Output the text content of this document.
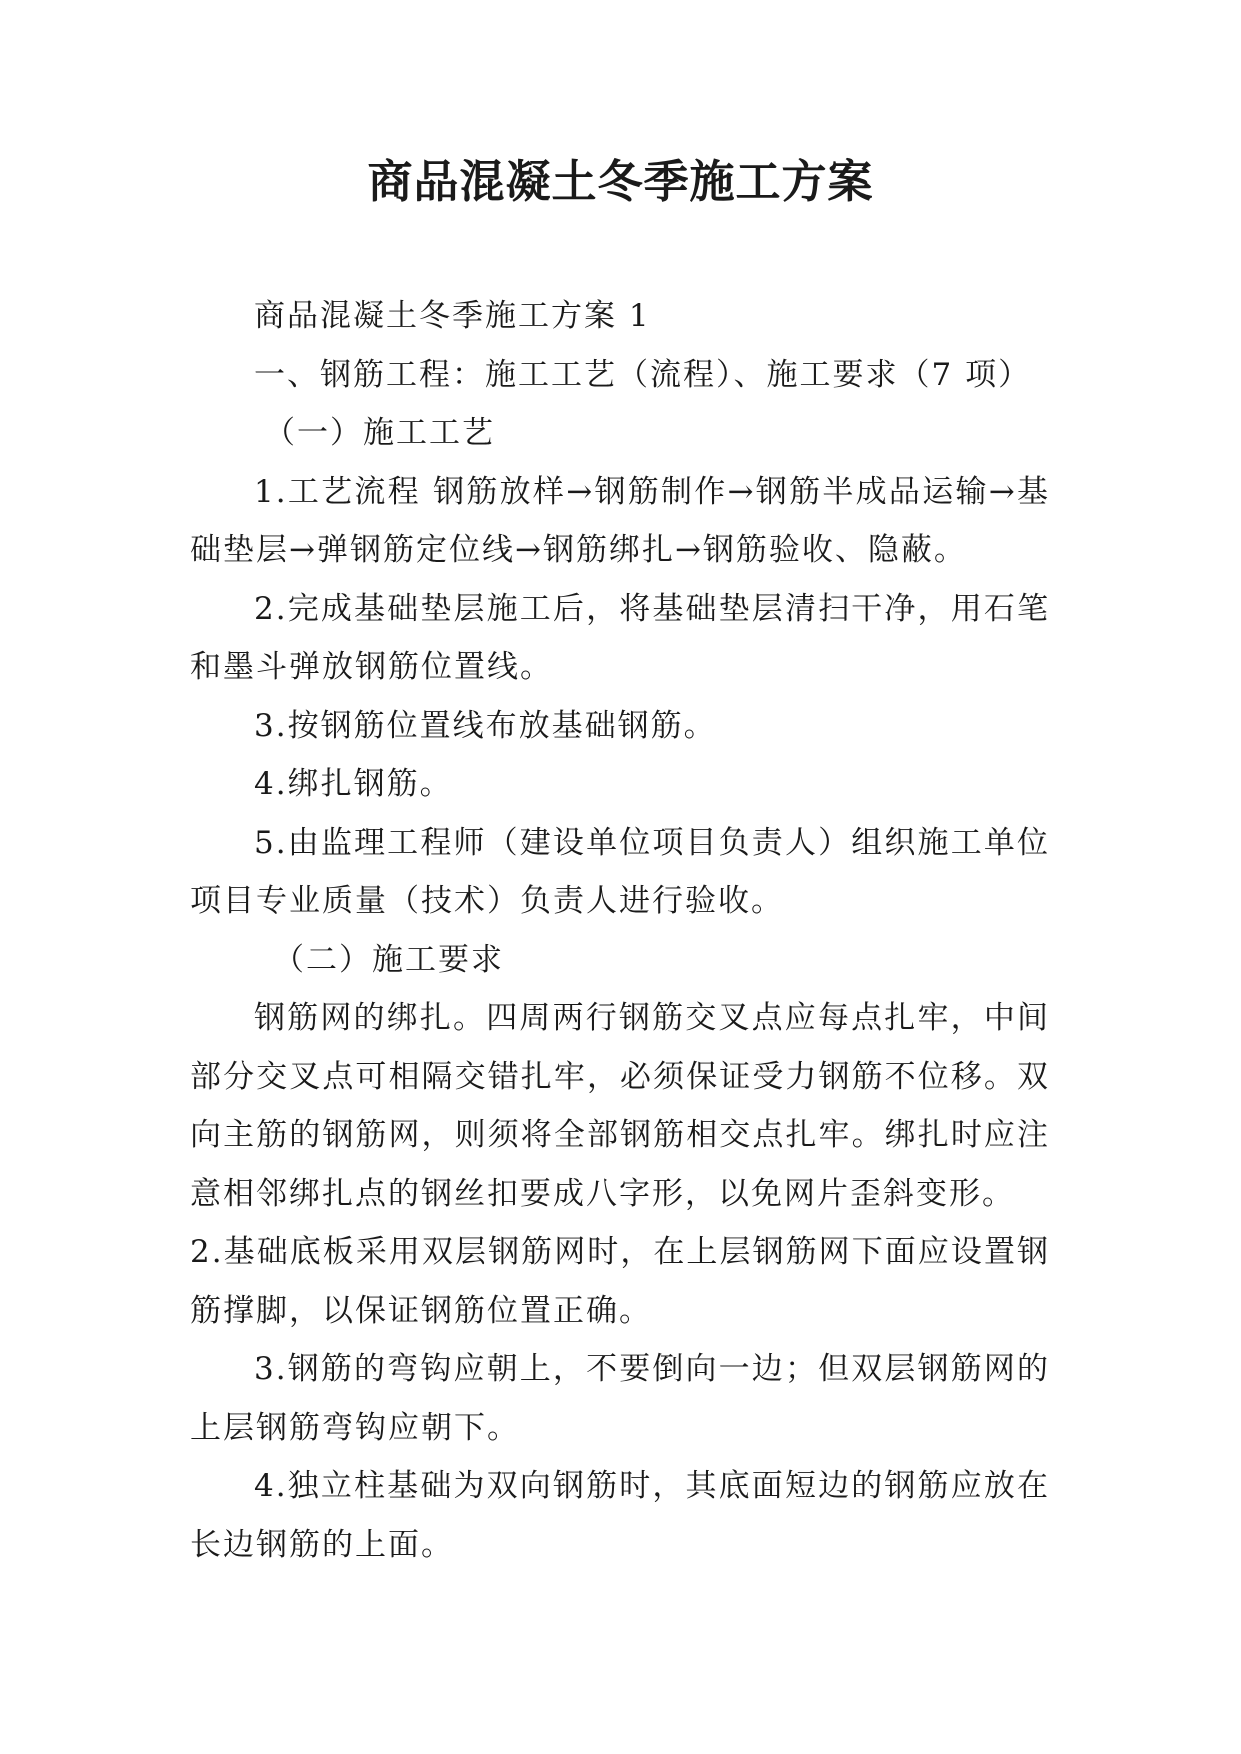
商品混凝土冬季施工方案

商品混凝土冬季施工方案 1

一、钢筋工程：施工工艺（流程）、施工要求（7 项）

（一）施工工艺

1.工艺流程 钢筋放样→钢筋制作→钢筋半成品运输→基础垫层→弹钢筋定位线→钢筋绑扎→钢筋验收、隐蔽。

2.完成基础垫层施工后，将基础垫层清扫干净，用石笔和墨斗弹放钢筋位置线。

3.按钢筋位置线布放基础钢筋。

4.绑扎钢筋。

5.由监理工程师（建设单位项目负责人）组织施工单位项目专业质量（技术）负责人进行验收。

（二）施工要求

钢筋网的绑扎。四周两行钢筋交叉点应每点扎牢，中间部分交叉点可相隔交错扎牢，必须保证受力钢筋不位移。双向主筋的钢筋网，则须将全部钢筋相交点扎牢。绑扎时应注意相邻绑扎点的钢丝扣要成八字形，以免网片歪斜变形。

2.基础底板采用双层钢筋网时，在上层钢筋网下面应设置钢筋撑脚，以保证钢筋位置正确。

3.钢筋的弯钩应朝上，不要倒向一边；但双层钢筋网的上层钢筋弯钩应朝下。

4.独立柱基础为双向钢筋时，其底面短边的钢筋应放在长边钢筋的上面。
